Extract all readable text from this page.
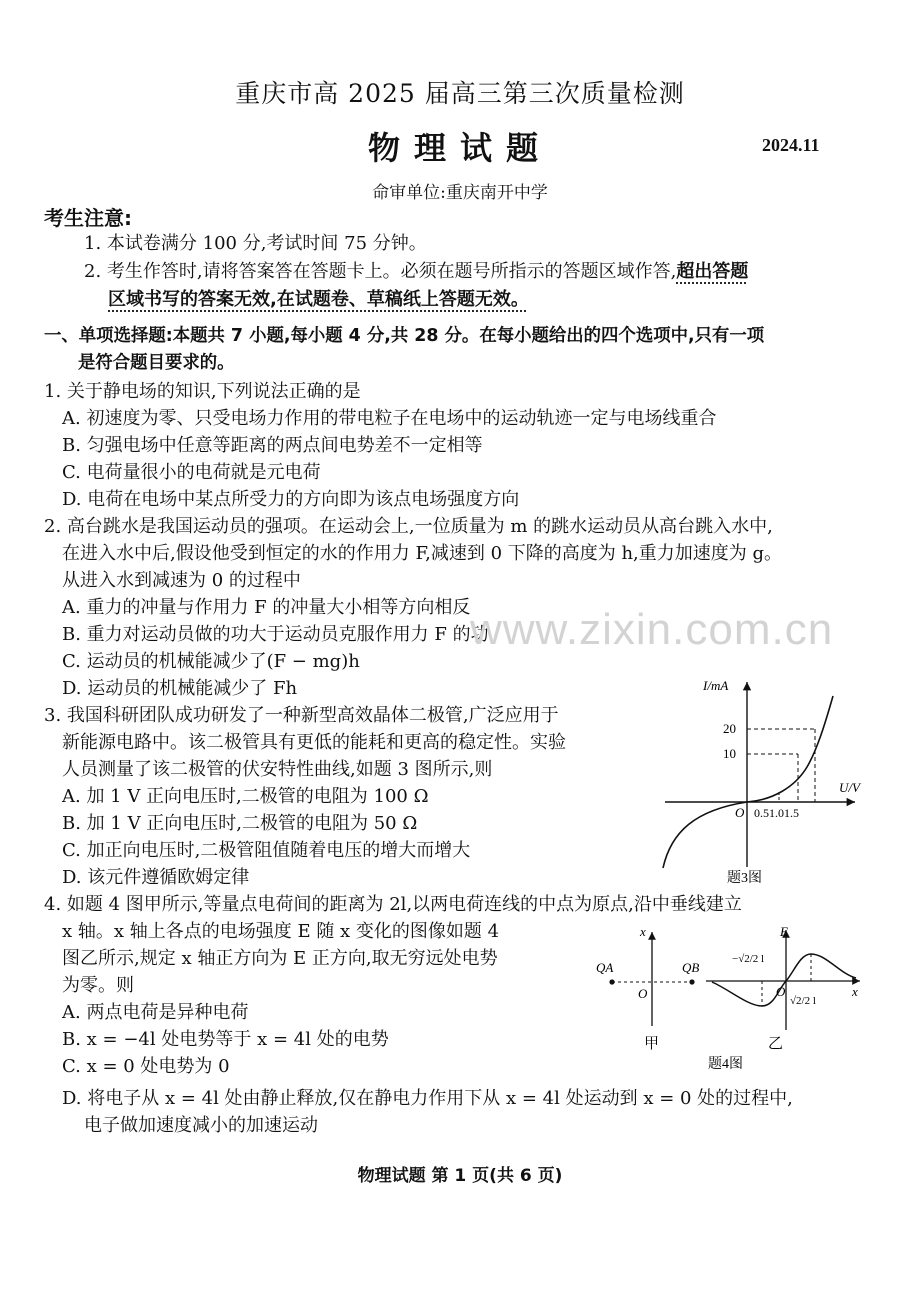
重庆市高 2025 届高三第三次质量检测
物理试题	2024.11
命审单位:重庆南开中学
考生注意:
1. 本试卷满分 100 分,考试时间 75 分钟。
2. 考生作答时,请将答案答在答题卡上。必须在题号所指示的答题区域作答,超出答题
区域书写的答案无效,在试题卷、草稿纸上答题无效。
一、单项选择题:本题共 7 小题,每小题 4 分,共 28 分。在每小题给出的四个选项中,只有一项
是符合题目要求的。
1. 关于静电场的知识,下列说法正确的是
A. 初速度为零、只受电场力作用的带电粒子在电场中的运动轨迹一定与电场线重合
B. 匀强电场中任意等距离的两点间电势差不一定相等
C. 电荷量很小的电荷就是元电荷
D. 电荷在电场中某点所受力的方向即为该点电场强度方向
2. 高台跳水是我国运动员的强项。在运动会上,一位质量为 m 的跳水运动员从高台跳入水中,
在进入水中后,假设他受到恒定的水的作用力 F,减速到 0 下降的高度为 h,重力加速度为 g。
从进入水到减速为 0 的过程中
A. 重力的冲量与作用力 F 的冲量大小相等方向相反
B. 重力对运动员做的功大于运动员克服作用力 F 的功
C. 运动员的机械能减少了(F − mg)h
D. 运动员的机械能减少了 Fh
3. 我国科研团队成功研发了一种新型高效晶体二极管,广泛应用于
新能源电路中。该二极管具有更低的能耗和更高的稳定性。实验
人员测量了该二极管的伏安特性曲线,如题 3 图所示,则
A. 加 1 V 正向电压时,二极管的电阻为 100 Ω
B. 加 1 V 正向电压时,二极管的电阻为 50 Ω
C. 加正向电压时,二极管阻值随着电压的增大而增大
D. 该元件遵循欧姆定律
I/mA
U/V
20
10
O 0.51.01.5
题3图
4. 如题 4 图甲所示,等量点电荷间的距离为 2l,以两电荷连线的中点为原点,沿中垂线建立
x 轴。x 轴上各点的电场强度 E 随 x 变化的图像如题 4
图乙所示,规定 x 轴正方向为 E 正方向,取无穷远处电势
为零。则
A. 两点电荷是异种电荷
B. x = −4l 处电势等于 x = 4l 处的电势
C. x = 0 处电势为 0
D. 将电子从 x = 4l 处由静止释放,仅在静电力作用下从 x = 4l 处运动到 x = 0 处的过程中,
电子做加速度减小的加速运动
QA	QB
O
x
甲
E
x
O
−√2/2 l
√2/2 l
乙
题4图
www.zixin.com.cn
物理试题 第 1 页(共 6 页)
